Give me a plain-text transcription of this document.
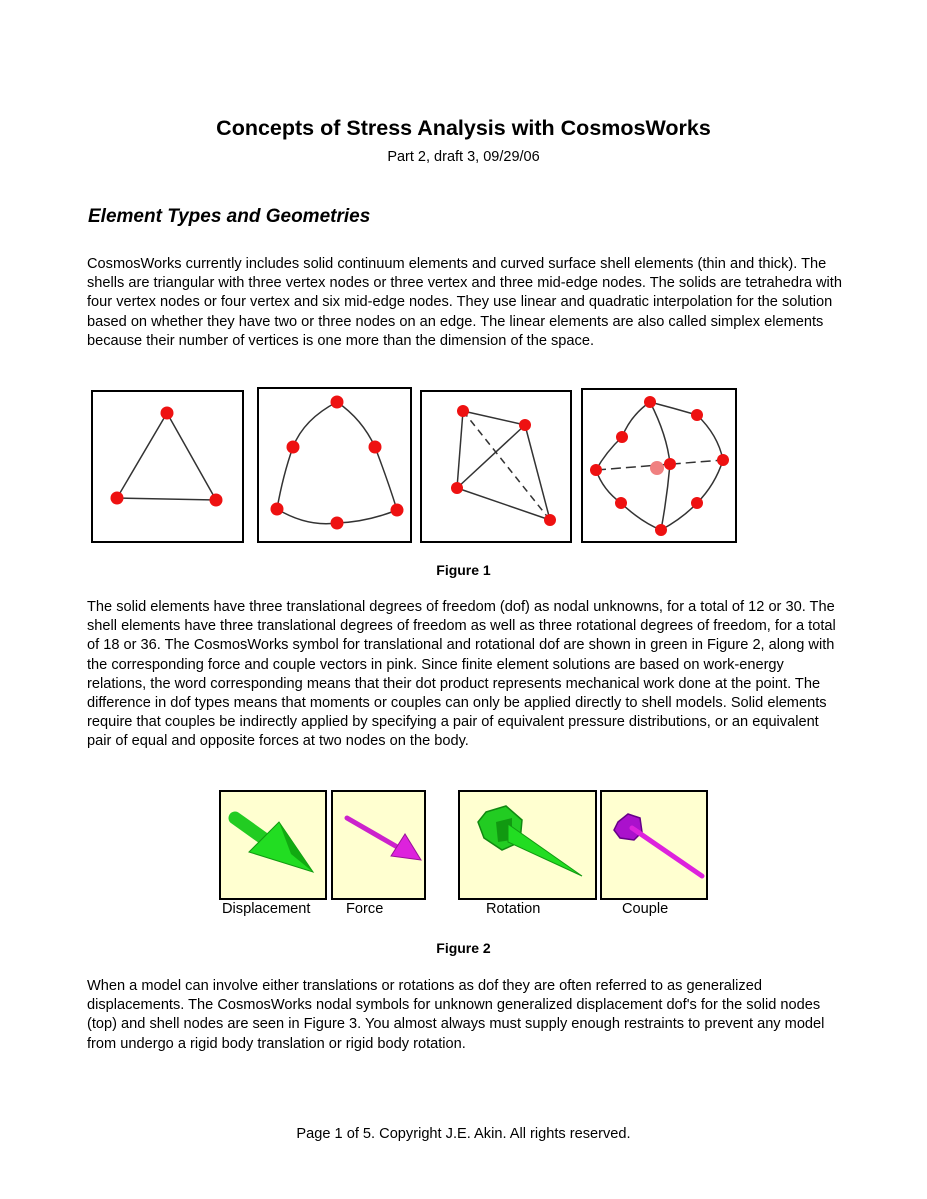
Concepts of Stress Analysis with CosmosWorks
Part 2, draft 3, 09/29/06
Element Types and Geometries
CosmosWorks currently includes solid continuum elements and curved surface shell elements (thin and thick). The shells are triangular with three vertex nodes or three vertex and three mid-edge nodes. The solids are tetrahedra with four vertex nodes or four vertex and six mid-edge nodes. They use linear and quadratic interpolation for the solution based on whether they have two or three nodes on an edge. The linear elements are also called simplex elements because their number of vertices is one more than the dimension of the space.
Figure 1
The solid elements have three translational degrees of freedom (dof) as nodal unknowns, for a total of 12 or 30. The shell elements have three translational degrees of freedom as well as three rotational degrees of freedom, for a total of 18 or 36. The CosmosWorks symbol for translational and rotational dof are shown in green in Figure 2, along with the corresponding force and couple vectors in pink. Since finite element solutions are based on work-energy relations, the word corresponding means that their dot product represents mechanical work done at the point. The difference in dof types means that moments or couples can only be applied directly to shell models. Solid elements require that couples be indirectly applied by specifying a pair of equivalent pressure distributions, or an equivalent pair of equal and opposite forces at two nodes on the body.
Displacement Force	Rotation	Couple
Figure 2
When a model can involve either translations or rotations as dof they are often referred to as generalized displacements. The CosmosWorks nodal symbols for unknown generalized displacement dof's for the solid nodes (top) and shell nodes are seen in Figure 3. You almost always must supply enough restraints to prevent any model from undergo a rigid body translation or rigid body rotation.
Page 1 of 5. Copyright J.E. Akin. All rights reserved.
